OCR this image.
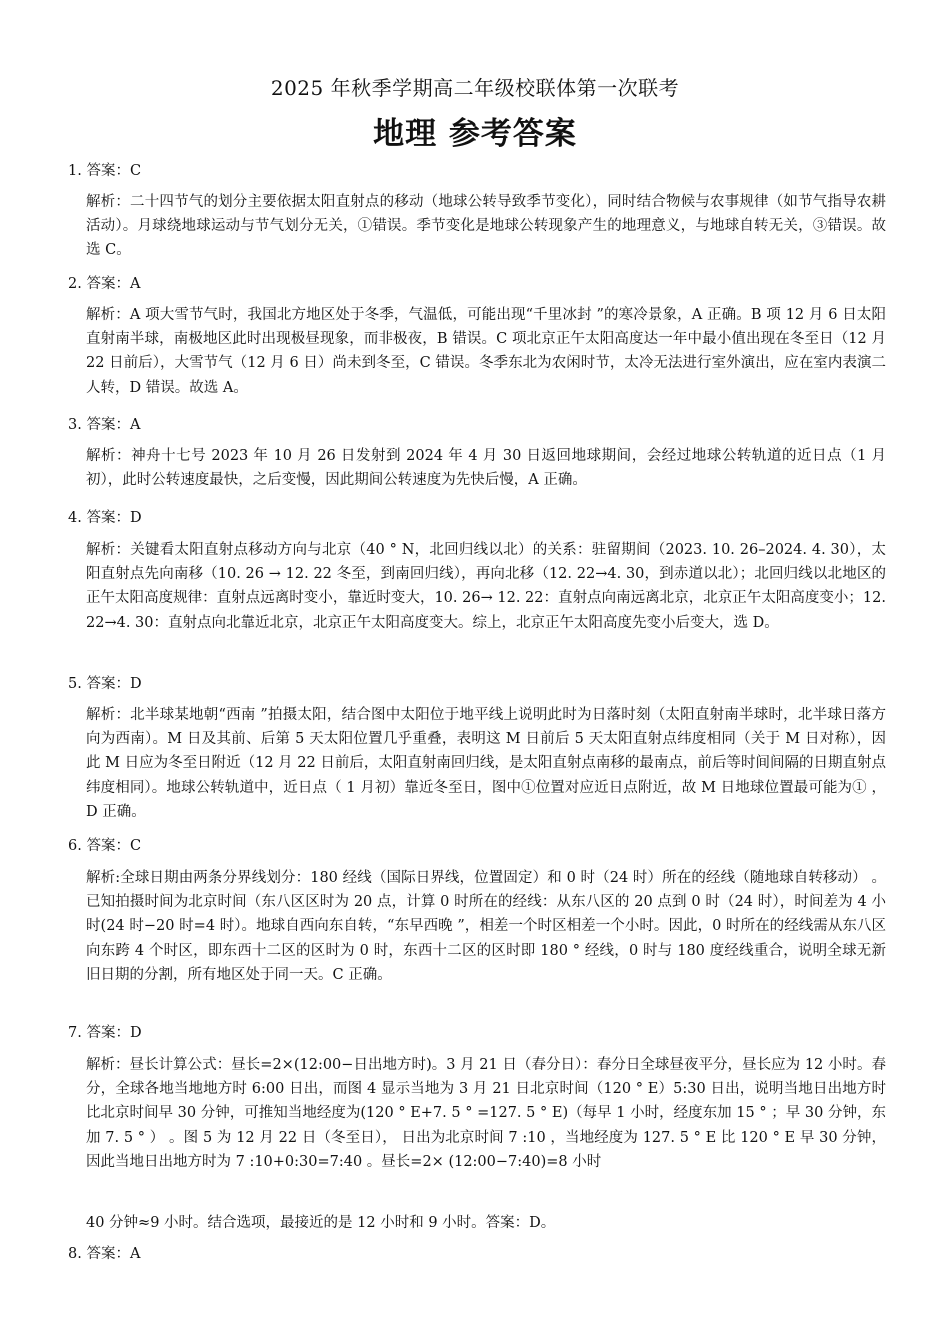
2025 年秋季学期高二年级校联体第一次联考
地理 参考答案
1. 答案：C
解析：二十四节气的划分主要依据太阳直射点的移动（地球公转导致季节变化），同时结合物候与农事规律（如节气指导农耕活动）。月球绕地球运动与节气划分无关，①错误。季节变化是地球公转现象产生的地理意义，与地球自转无关，③错误。故选 C。
2. 答案：A
解析：A 项大雪节气时，我国北方地区处于冬季，气温低，可能出现“千里冰封 ”的寒冷景象，A 正确。B 项 12 月 6 日太阳直射南半球，南极地区此时出现极昼现象，而非极夜，B 错误。C 项北京正午太阳高度达一年中最小值出现在冬至日（12 月 22 日前后），大雪节气（12 月 6 日）尚未到冬至，C 错误。冬季东北为农闲时节，太冷无法进行室外演出，应在室内表演二人转，D 错误。故选 A。
3. 答案：A
解析：神舟十七号 2023 年 10 月 26 日发射到 2024 年 4 月 30 日返回地球期间，会经过地球公转轨道的近日点（1 月初），此时公转速度最快，之后变慢，因此期间公转速度为先快后慢，A 正确。
4. 答案：D
解析：关键看太阳直射点移动方向与北京（40 ° N，北回归线以北）的关系：驻留期间（2023. 10. 26–2024. 4. 30），太阳直射点先向南移（10. 26 → 12. 22 冬至，到南回归线），再向北移（12. 22→4. 30，到赤道以北）；北回归线以北地区的正午太阳高度规律：直射点远离时变小，靠近时变大，10. 26→ 12. 22：直射点向南远离北京，北京正午太阳高度变小；12. 22→4. 30：直射点向北靠近北京，北京正午太阳高度变大。综上，北京正午太阳高度先变小后变大，选 D。
5. 答案：D
解析：北半球某地朝“西南 ”拍摄太阳，结合图中太阳位于地平线上说明此时为日落时刻（太阳直射南半球时，北半球日落方向为西南）。M 日及其前、后第 5 天太阳位置几乎重叠，表明这 M 日前后 5 天太阳直射点纬度相同（关于 M 日对称），因此 M 日应为冬至日附近（12 月 22 日前后，太阳直射南回归线，是太阳直射点南移的最南点，前后等时间间隔的日期直射点纬度相同）。地球公转轨道中，近日点（ 1 月初）靠近冬至日，图中①位置对应近日点附近，故 M 日地球位置最可能为① ， D 正确。
6. 答案：C
解析:全球日期由两条分界线划分：180 经线（国际日界线，位置固定）和 0 时（24 时）所在的经线（随地球自转移动） 。 已知拍摄时间为北京时间（东八区区时为 20 点，计算 0 时所在的经线：从东八区的 20 点到 0 时（24 时），时间差为 4 小时(24 时−20 时=4 时）。地球自西向东自转，“东早西晚 ”，相差一个时区相差一个小时。因此，0 时所在的经线需从东八区向东跨 4 个时区，即东西十二区的区时为 0 时，东西十二区的区时即 180 ° 经线，0 时与 180 度经线重合，说明全球无新旧日期的分割，所有地区处于同一天。C 正确。
7. 答案：D
解析：昼长计算公式：昼长=2×(12:00−日出地方时)。3 月 21 日（春分日）：春分日全球昼夜平分，昼长应为 12 小时。春分，全球各地当地地方时 6:00 日出，而图 4 显示当地为 3 月 21 日北京时间（120 ° E）5:30 日出，说明当地日出地方时比北京时间早 30 分钟，可推知当地经度为(120 ° E+7. 5 ° =127. 5 ° E)（每早 1 小时，经度东加 15 ° ；早 30 分钟，东加 7. 5 ° ） 。图 5 为 12 月 22 日（冬至日）， 日出为北京时间 7 :10 ，当地经度为 127. 5 ° E 比 120 ° E 早 30 分钟，因此当地日出地方时为 7 :10+0:30=7:40 。昼长=2× (12:00−7:40)=8 小时
40 分钟≈9 小时。结合选项，最接近的是 12 小时和 9 小时。答案：D。
8. 答案：A
